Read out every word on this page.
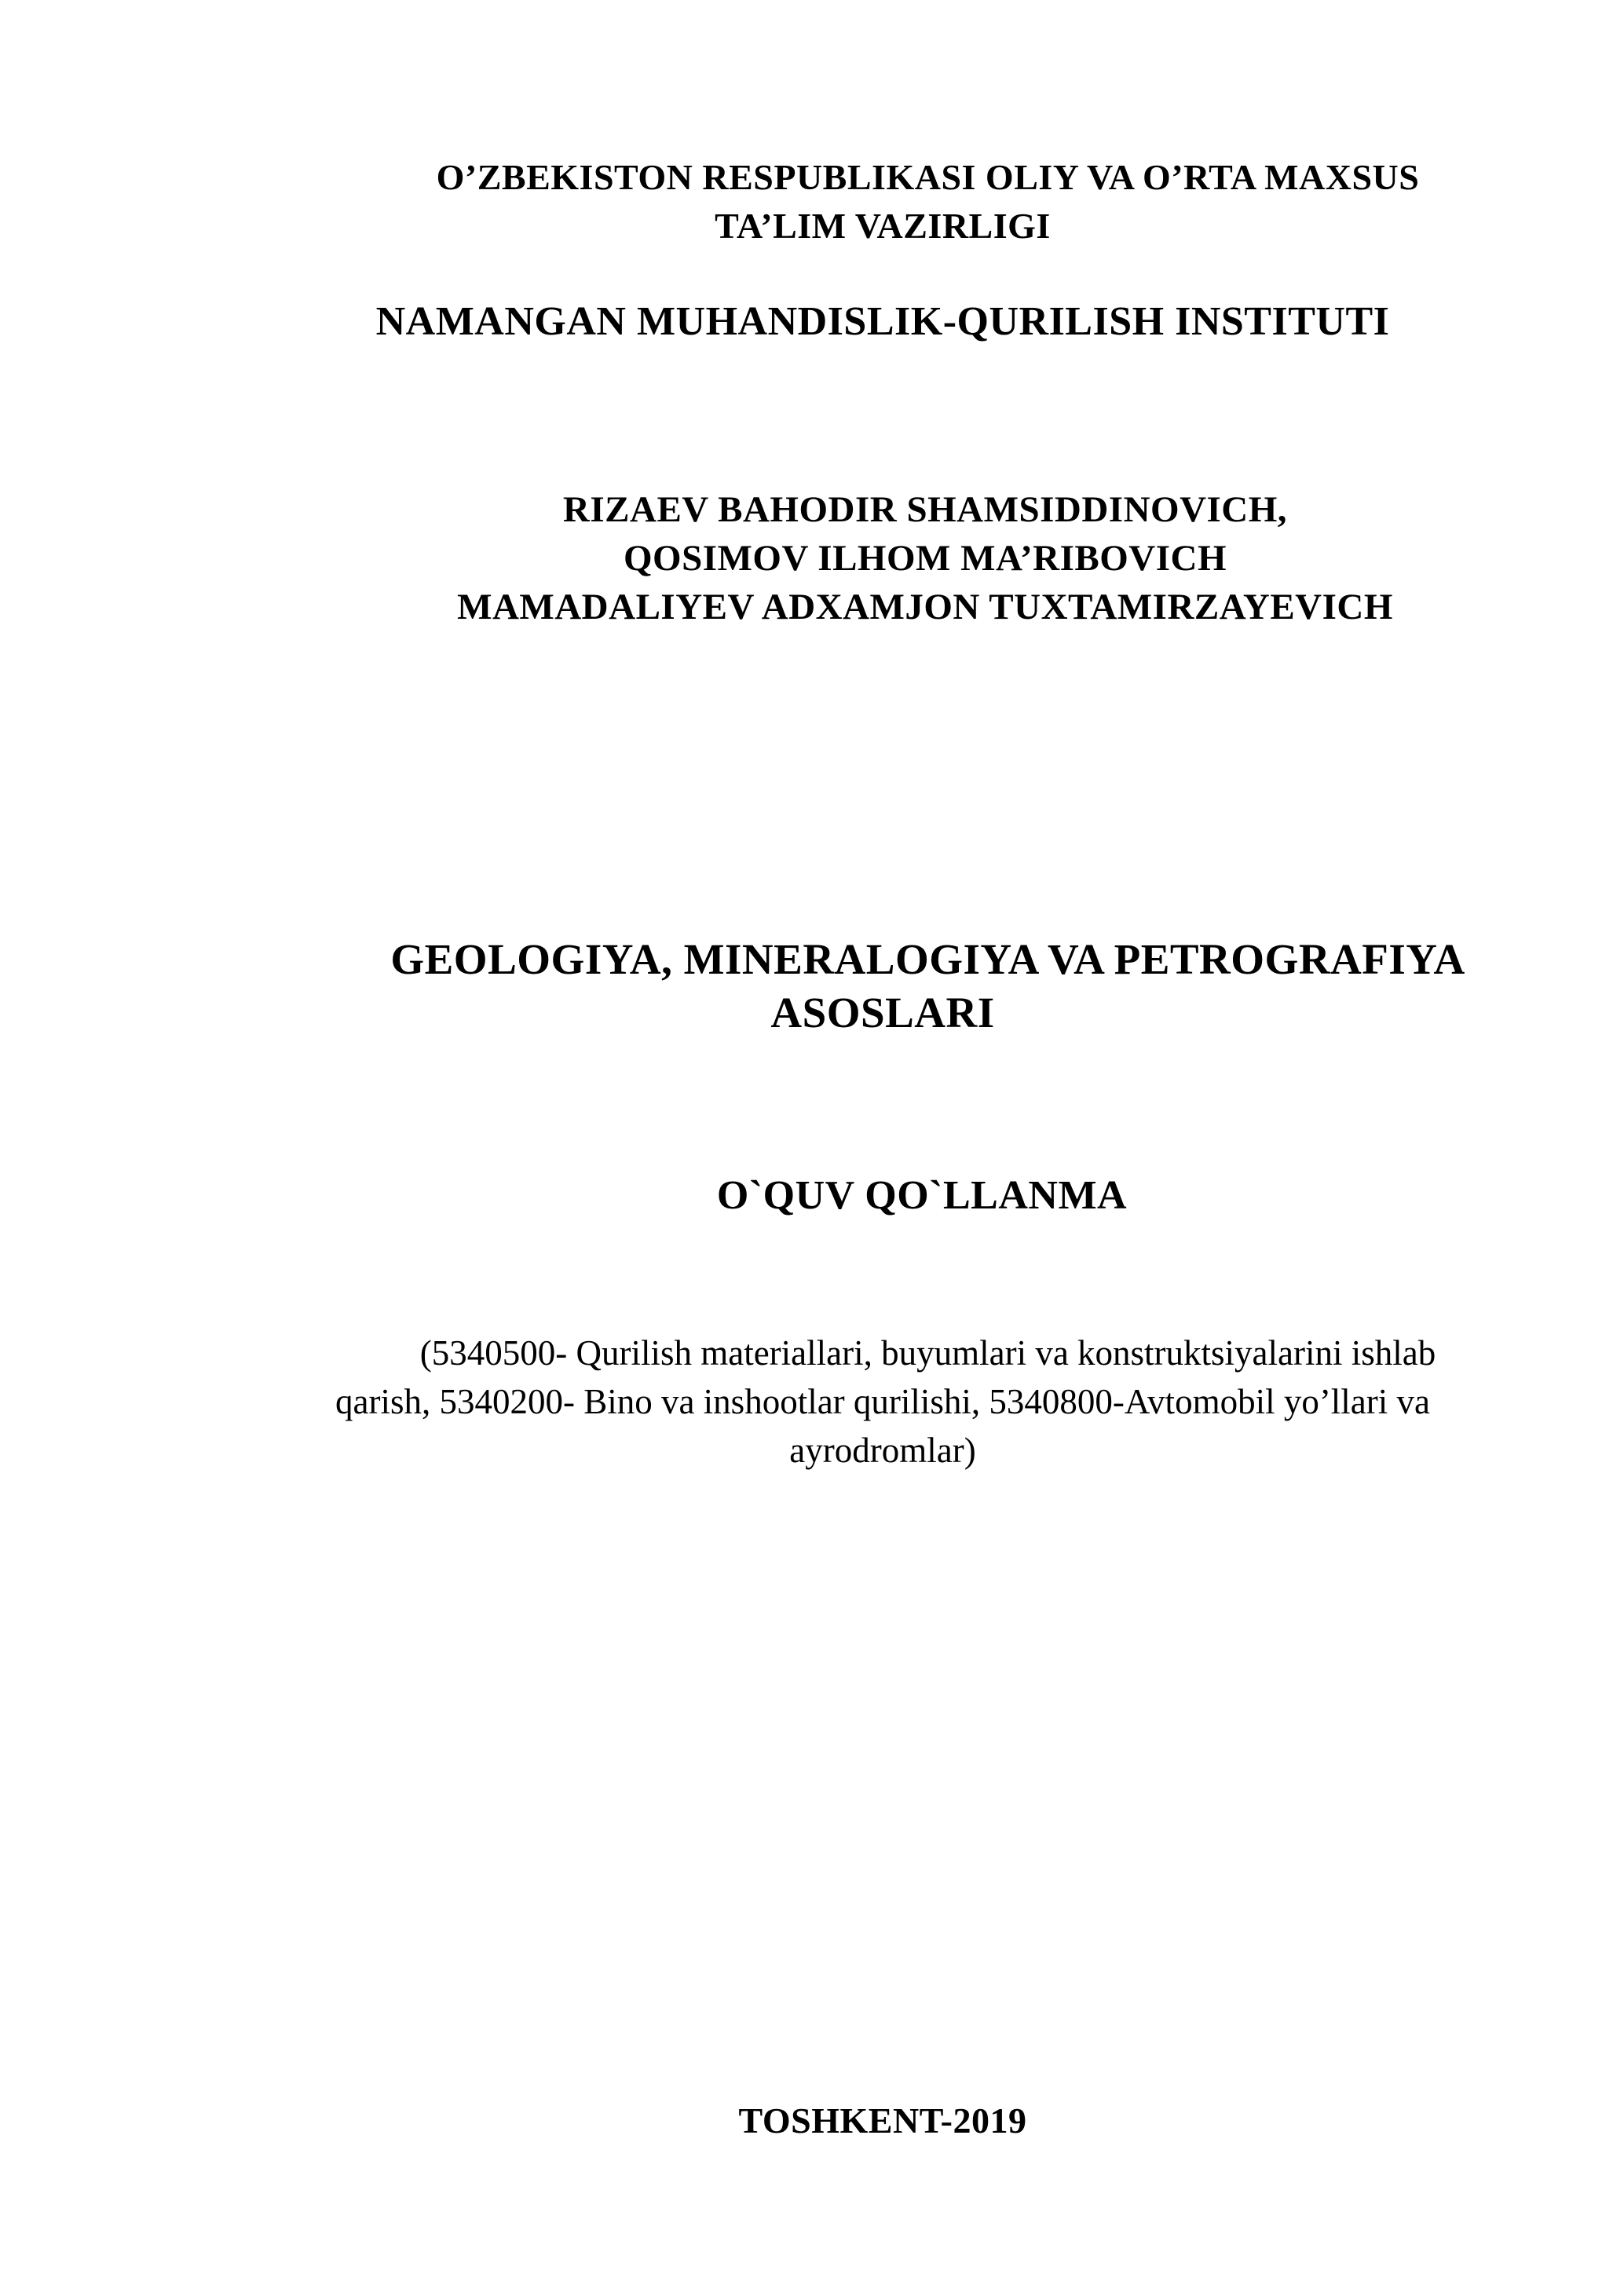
O’ZBEKISTON RESPUBLIKASI OLIY VA O’RTA MAXSUS
TA’LIM VAZIRLIGI

NAMANGAN MUHANDISLIK-QURILISH INSTITUTI

RIZAEV BAHODIR SHAMSIDDINOVICH,
QOSIMOV ILHOM MA’RIBOVICH
MAMADALIYEV ADXAMJON TUXTAMIRZAYEVICH

GEOLOGIYA, MINERALOGIYA VA PETROGRAFIYA
ASOSLARI

O`QUV QO`LLANMA

(5340500- Qurilish materiallari, buyumlari va konstruktsiyalarini ishlab
qarish, 5340200- Bino va inshootlar qurilishi, 5340800-Avtomobil yo’llari va
ayrodromlar)

TOSHKENT-2019
